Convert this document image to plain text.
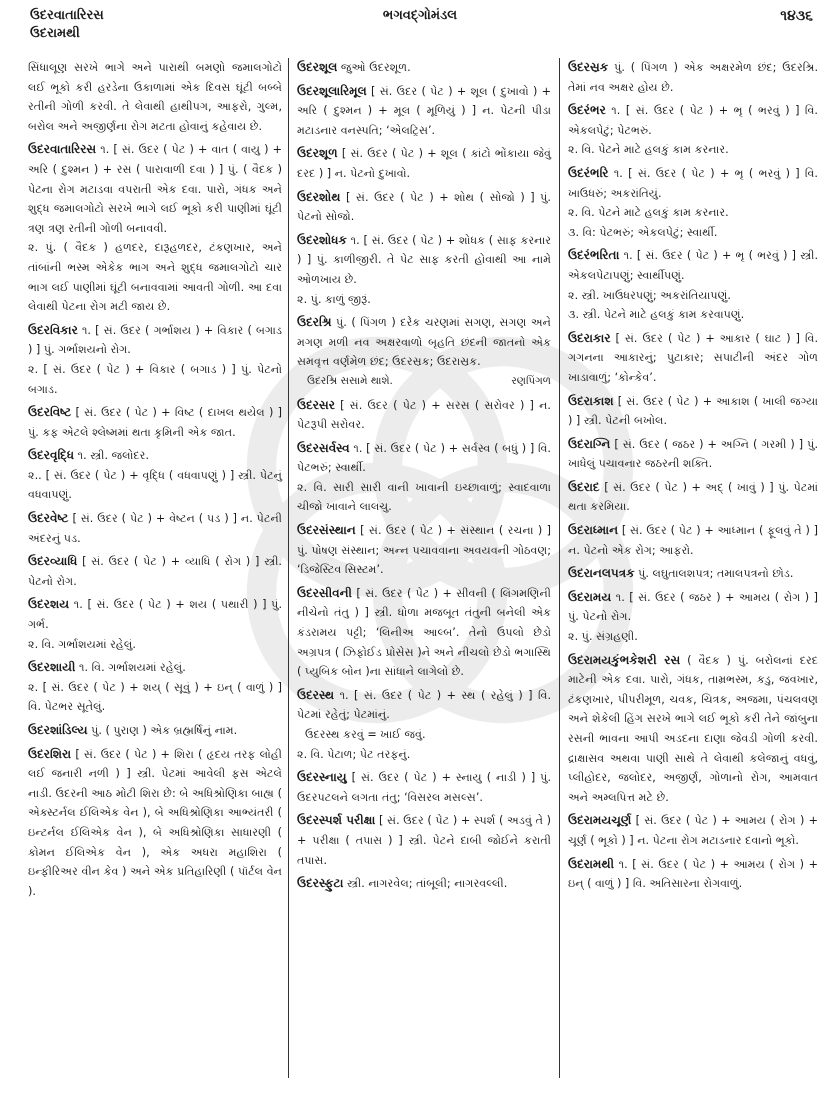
ઉદરવાતારિરસ
ઉદરામથી
ભગવદ્ગોમંડલ	૧૪૩૬

સિંધાલૂણ સરખે ભાગે અને પારાથી બમણો જમાલગોટો લઈ ભૂકો કરી હરડેના ઉકાળામાં એક દિવસ ઘૂંટી બબ્બે રતીની ગોળી કરવી. તે લેવાથી હાથીપગ, આફરો, ગુલ્મ, બરોલ અને અજીર્ણના રોગ મટતા હોવાનું કહેવાય છે.

ઉદરવાતારિરસ ૧. [ સં. ઉદર ( પેટ ) + વાત ( વાયુ ) + અરિ ( દુશ્મન ) + રસ ( પારાવાળી દવા ) ] પું. ( વૈદક ) પેટના રોગ મટાડવા વપરાતી એક દવા. પારો, ગંધક અને શુદ્ધ જમાલગોટો સરખે ભાગે લઈ ભૂકો કરી પાણીમાં ઘૂંટી ત્રણ ત્રણ રતીની ગોળી બનાવવી.

૨. પું. ( વૈદક ) હળદર, દારૂહળદર, ટંકણખાર, અને તાંબાંની ભસ્મ એકેક ભાગ અને શુદ્ધ જમાલગોટો ચાર ભાગ લઈ પાણીમાં ઘૂંટી બનાવવામાં આવતી ગોળી. આ દવા લેવાથી પેટના રોગ મટી જાય છે.

ઉદરવિકાર ૧. [ સં. ઉદર ( ગર્ભાશય ) + વિકાર ( બગાડ ) ] પું. ગર્ભાશયનો રોગ.

૨. [ સં. ઉદર ( પેટ ) + વિકાર ( બગાડ ) ] પું. પેટનો બગાડ.

ઉદરવિષ્ટ [ સં. ઉદર ( પેટ ) + વિષ્ટ ( દાખલ થયેલ ) ] પું. કફ એટલે શ્લેષ્મમાં થતા કૃમિની એક જાત.

ઉદરવૃદ્ધિ ૧. સ્ત્રી. જલોદર.

૨.. [ સં. ઉદર ( પેટ ) + વૃદ્ધિ ( વધવાપણું ) ] સ્ત્રી. પેટનું વધવાપણું.

ઉદરવેષ્ટ [ સં. ઉદર ( પેટ ) + વેષ્ટન ( પડ ) ] ન. પેટની અંદરનું પડ.

ઉદરવ્યાધિ [ સં. ઉદર ( પેટ ) + વ્યાધિ ( રોગ ) ] સ્ત્રી. પેટનો રોગ.

ઉદરશય ૧. [ સં. ઉદર ( પેટ ) + શય ( પથારી ) ] પું. ગર્ભ.

૨. વિ. ગર્ભાશયમાં રહેલું.

ઉદરશાયી ૧. વિ. ગર્ભાશયમાં રહેલું.

૨. [ સં. ઉદર ( પેટ ) + શય્ ( સૂવું ) + ઇન્ ( વાળું ) ] વિ. પેટભર સૂતેલું.

ઉદરશાંડિલ્ય પું. ( પુરાણ ) એક બ્રહ્મર્ષિનું નામ.

ઉદરશિરા [ સં. ઉદર ( પેટ ) + શિરા ( હૃદય તરફ લોહી લઈ જનારી નળી ) ] સ્ત્રી. પેટમાં આવેલી ફસ એટલે નાડી. ઉદરની આઠ મોટી શિરા છે: બે અધિશ્રોણિકા બાહ્ય ( એક્સ્ટર્નલ ઈલિએક વેન ), બે અધિશ્રોણિકા આભ્યંતરી ( ઇન્ટર્નલ ઈલિએક વેન ), બે અધિશ્રોણિકા સાધારણી ( કોમન ઈલિએક વેન ), એક અધરા મહાશિરા ( ઇન્ફીરિઅર વીન કેવ ) અને એક પ્રતિહારિણી ( પૉર્ટલ વેન ).

ઉદરશૂલ જુઓ ઉદરશૂળ.

ઉદરશૂલારિમૂલ [ સં. ઉદર ( પેટ ) + શૂલ ( દુખાવો ) + અરિ ( દુશ્મન ) + મૂલ ( મૂળિયું ) ] ન. પેટની પીડા મટાડનાર વનસ્પતિ; ‘એલટ્રિસ’.

ઉદરશૂળ [ સં. ઉદર ( પેટ ) + શૂલ ( કાંટો ભોંકાયા જેવું દરદ ) ] ન. પેટનો દુખાવો.

ઉદરશોથ [ સં. ઉદર ( પેટ ) + શોથ ( સોજો ) ] પું. પેટનો સોજો.

ઉદરશોધક ૧. [ સં. ઉદર ( પેટ ) + શોધક ( સાફ કરનાર ) ] પું. કાળીજીરી. તે પેટ સાફ કરતી હોવાથી આ નામે ઓળખાય છે.

૨. પું. કાળું જીરૂં.

ઉદરશ્રિ પું. ( પિંગળ ) દરેક ચરણમાં સગણ, સગણ અને મગણ મળી નવ અક્ષરવાળો બૃહતિ છંદની જાતનો એક સમવૃત્ત વર્ણમેળ છંદ; ઉદરસ્રક; ઉદરાસ્રક.

ઉદરશ્રિ સસામે થાશે.	રણપિંગળ

ઉદરસર [ સં. ઉદર ( પેટ ) + સરસ ( સરોવર ) ] ન. પેટરૂપી સરોવર.

ઉદરસર્વસ્વ ૧. [ સં. ઉદર ( પેટ ) + સર્વસ્વ ( બધું ) ] વિ. પેટભરું; સ્વાર્થી.

૨. વિ. સારી સારી વાની ખાવાની ઇચ્છાવાળું; સ્વાદવાળા ચીજો ખાવાને લાલચુ.

ઉદરસંસ્થાન [ સં. ઉદર ( પેટ ) + સંસ્થાન ( રચના ) ] પું. પોષણ સંસ્થાન; અન્ન પચાવવાના અવયવની ગોઠવણ; ‘ડિજેસ્ટિવ સિસ્ટમ’.

ઉદરસીવની [ સં. ઉદર ( પેટ ) + સીવની ( લિંગમણિની નીચેનો તંતુ ) ] સ્ત્રી. ધોળા મજબૂત તંતુની બનેલી એક કંડરામય પટ્ટી; ‘લિનીઅ આલ્બ’. તેનો ઉપલો છેડો અગ્રપત્ર ( ઝિફોઈડ પ્રોસેસ )ને અને નીચલો છેડો ભગાસ્થિ ( પ્યુબિક બોન )ના સાંધાને લાગેલો છે.

ઉદરસ્થ ૧. [ સં. ઉદર ( પેટ ) + સ્થ ( રહેલું ) ] વિ. પેટમાં રહેતું; પેટમાંનું.

ઉદરસ્થ કરવું = ખાઈ જવું.

૨. વિ. પેટાળ; પેટ તરફનું.

ઉદરસ્નાયુ [ સં. ઉદર ( પેટ ) + સ્નાયુ ( નાડી ) ] પું. ઉદરપટલને લગતા તંતુ; ‘વિસરલ મસલ્સ’.

ઉદરસ્પર્શ પરીક્ષા [ સં. ઉદર ( પેટ ) + સ્પર્શ ( અડવું તે ) + પરીક્ષા ( તપાસ ) ] સ્ત્રી. પેટને દાબી જોઈને કરાતી તપાસ.

ઉદરસ્ફુટા સ્ત્રી. નાગરવેલ; તાંબૂલી; નાગરવલ્લી.

ઉદરસ્રક પું. ( પિંગળ ) એક અક્ષરમેળ છંદ; ઉદરશ્રિ. તેમાં નવ અક્ષર હોય છે.

ઉદરંભર ૧. [ સં. ઉદર ( પેટ ) + ભૃ ( ભરવું ) ] વિ. એકલપેટું; પેટભરું.

૨. વિ. પેટને માટે હલકું કામ કરનાર.

ઉદરંભરિ ૧. [ સં. ઉદર ( પેટ ) + ભૃ ( ભરવું ) ] વિ. ખાઉધરું; અકરાંતિયું.

૨. વિ. પેટને માટે હલકું કામ કરનાર.

૩. વિ: પેટભરું; એકલપેટું; સ્વાર્થી.

ઉદરંભરિતા ૧. [ સં. ઉદર ( પેટ ) + ભૃ ( ભરવું ) ] સ્ત્રી. એકલપેટાપણું; સ્વાર્થીપણું.

૨. સ્ત્રી. ખાઉધરપણું; અકરાંતિયાપણું.

૩. સ્ત્રી. પેટને માટે હલકું કામ કરવાપણું.

ઉદરાકાર [ સં. ઉદર ( પેટ ) + આકાર ( ઘાટ ) ] વિ. ગગનના આકારનું; પુટાકાર; સપાટીની અંદર ગોળ ખાડાવાળું; ‘કોન્કેવ’.

ઉદરાકાશ [ સં. ઉદર ( પેટ ) + આકાશ ( ખાલી જગ્યા ) ] સ્ત્રી. પેટની બખોલ.

ઉદરાગ્નિ [ સં. ઉદર ( જઠર ) + અગ્નિ ( ગરમી ) ] પું. ખાધેલું પચાવનાર જઠરની શક્તિ.

ઉદરાદ [ સં. ઉદર ( પેટ ) + અદ્ ( ખાવું ) ] પું. પેટમાં થતા કરમિયા.

ઉદરાધ્માન [ સં. ઉદર ( પેટ ) + આધ્માન ( ફૂલવું તે ) ] ન. પેટનો એક રોગ; આફરો.

ઉદરાનલપત્રક પું. લઘુતાલશપત્ર; તમાલપત્રનો છોડ.

ઉદરામય ૧. [ સં. ઉદર ( જઠર ) + આમય ( રોગ ) ] પું. પેટનો રોગ.

૨. પું. સંગ્રહણી.

ઉદરામયકુંભકેશરી રસ ( વૈદક ) પું. બરોલનાં દરદ માટેની એક દવા. પારો, ગંધક, તામ્રભસ્મ, કડુ, જવખાર, ટંકણખાર, પીપરીમૂળ, ચવક, ચિત્રક, અજમા, પંચલવણ અને શેકેલી હિંગ સરખે ભાગે લઈ ભૂકો કરી તેને જાંબુના રસની ભાવના આપી અડદના દાણા જેવડી ગોળી કરવી. દ્રાક્ષાસવ અથવા પાણી સાથે તે લેવાથી કલેજાનું વધવું, પ્લીહોદર, જલોદર, અજીર્ણ, ગોળાનો રોગ, આમવાત અને અમ્લપિત્ત મટે છે.

ઉદરામયચૂર્ણ [ સં. ઉદર ( પેટ ) + આમય ( રોગ ) + ચૂર્ણ ( ભૂકો ) ] ન. પેટના રોગ મટાડનાર દવાનો ભૂકો.

ઉદરામથી ૧. [ સં. ઉદર ( પેટ ) + આમય ( રોગ ) + ઇન્ ( વાળું ) ] વિ. અતિસારના રોગવાળું.
